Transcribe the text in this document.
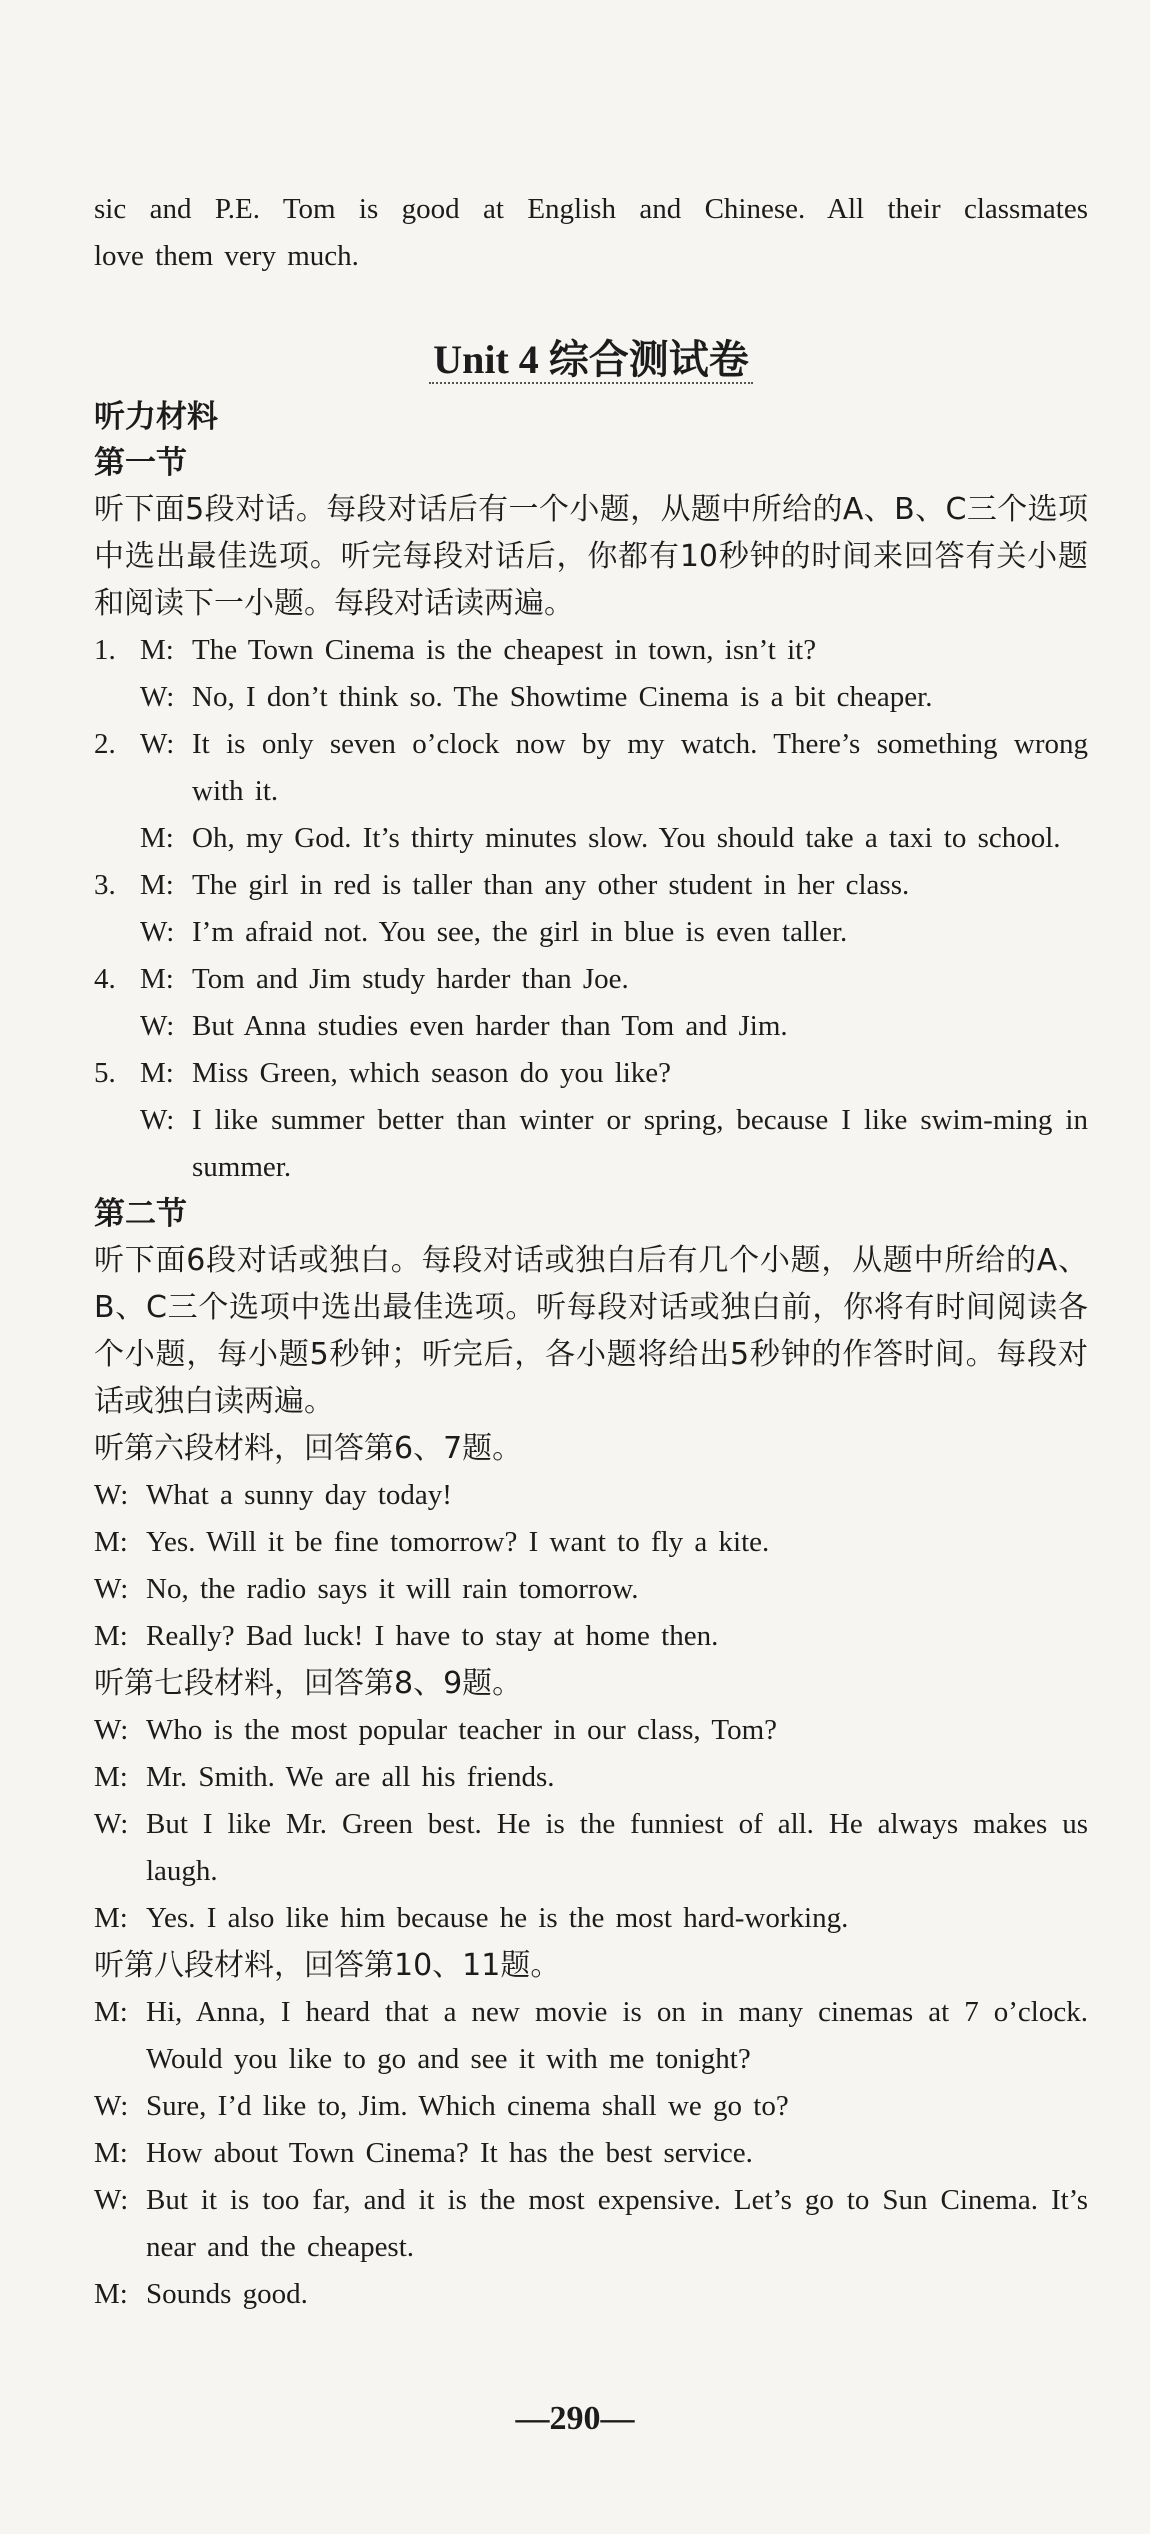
sic and P.E. Tom is good at English and Chinese. All their classmates

love them very much.

Unit 4 综合测试卷

听力材料

第一节

听下面5段对话。每段对话后有一个小题，从题中所给的A、B、C三个选项中选出最佳选项。听完每段对话后，你都有10秒钟的时间来回答有关小题和阅读下一小题。每段对话读两遍。

1. M: The Town Cinema is the cheapest in town, isn’t it?
W: No, I don’t think so. The Showtime Cinema is a bit cheaper.
2. W: It is only seven o’clock now by my watch. There’s something wrong with it.
M: Oh, my God. It’s thirty minutes slow. You should take a taxi to school.
3. M: The girl in red is taller than any other student in her class.
W: I’m afraid not. You see, the girl in blue is even taller.
4. M: Tom and Jim study harder than Joe.
W: But Anna studies even harder than Tom and Jim.
5. M: Miss Green, which season do you like?
W: I like summer better than winter or spring, because I like swim-ming in summer.

第二节

听下面6段对话或独白。每段对话或独白后有几个小题，从题中所给的A、B、C三个选项中选出最佳选项。听每段对话或独白前，你将有时间阅读各个小题，每小题5秒钟；听完后，各小题将给出5秒钟的作答时间。每段对话或独白读两遍。

听第六段材料，回答第6、7题。

W: What a sunny day today!
M: Yes. Will it be fine tomorrow? I want to fly a kite.
W: No, the radio says it will rain tomorrow.
M: Really? Bad luck! I have to stay at home then.

听第七段材料，回答第8、9题。

W: Who is the most popular teacher in our class, Tom?
M: Mr. Smith. We are all his friends.
W: But I like Mr. Green best. He is the funniest of all. He always makes us laugh.
M: Yes. I also like him because he is the most hard-working.

听第八段材料，回答第10、11题。

M: Hi, Anna, I heard that a new movie is on in many cinemas at 7 o’clock. Would you like to go and see it with me tonight?
W: Sure, I’d like to, Jim. Which cinema shall we go to?
M: How about Town Cinema? It has the best service.
W: But it is too far, and it is the most expensive. Let’s go to Sun Cinema. It’s near and the cheapest.
M: Sounds good.
—290—
